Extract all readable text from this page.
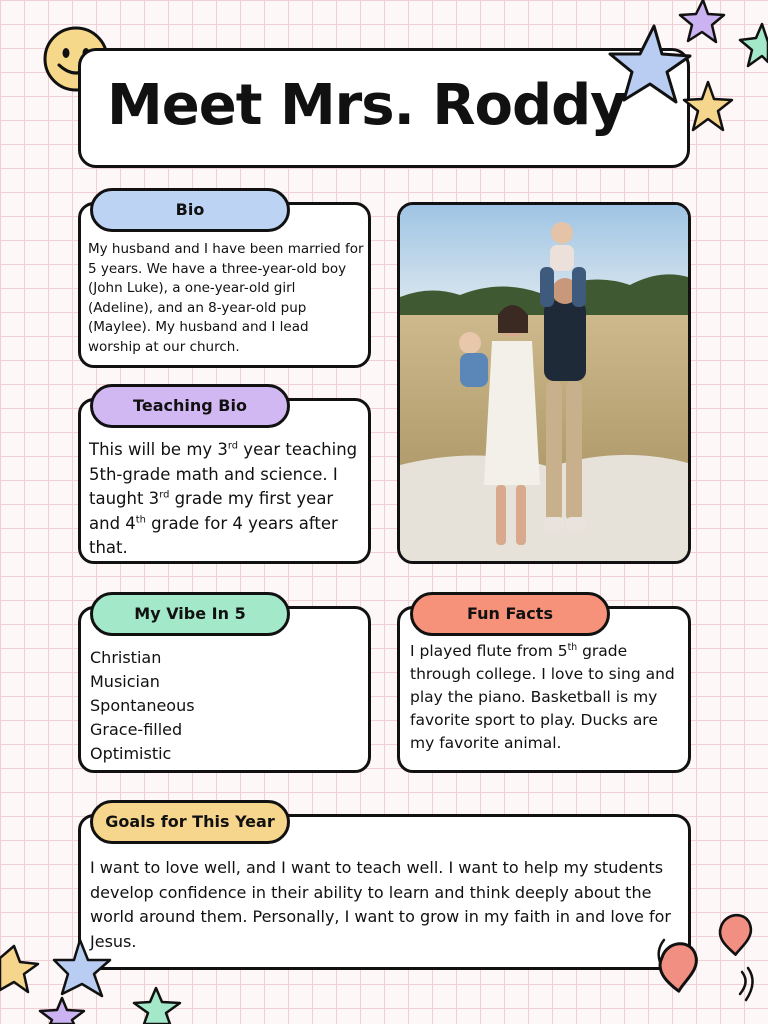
Meet Mrs. Roddy
Bio
My husband and I have been married for 5 years. We have a three-year-old boy (John Luke), a one-year-old girl (Adeline), and an 8-year-old pup (Maylee). My husband and I lead worship at our church.
Teaching Bio
This will be my 3rd year teaching 5th-grade math and science. I taught 3rd grade my first year and 4th grade for 4 years after that.
My Vibe In 5
Christian
Musician
Spontaneous
Grace-filled
Optimistic
Fun Facts
I played flute from 5th grade through college. I love to sing and play the piano. Basketball is my favorite sport to play. Ducks are my favorite animal.
Goals for This Year
I want to love well, and I want to teach well. I want to help my students develop confidence in their ability to learn and think deeply about the world around them. Personally, I want to grow in my faith in and love for Jesus.
